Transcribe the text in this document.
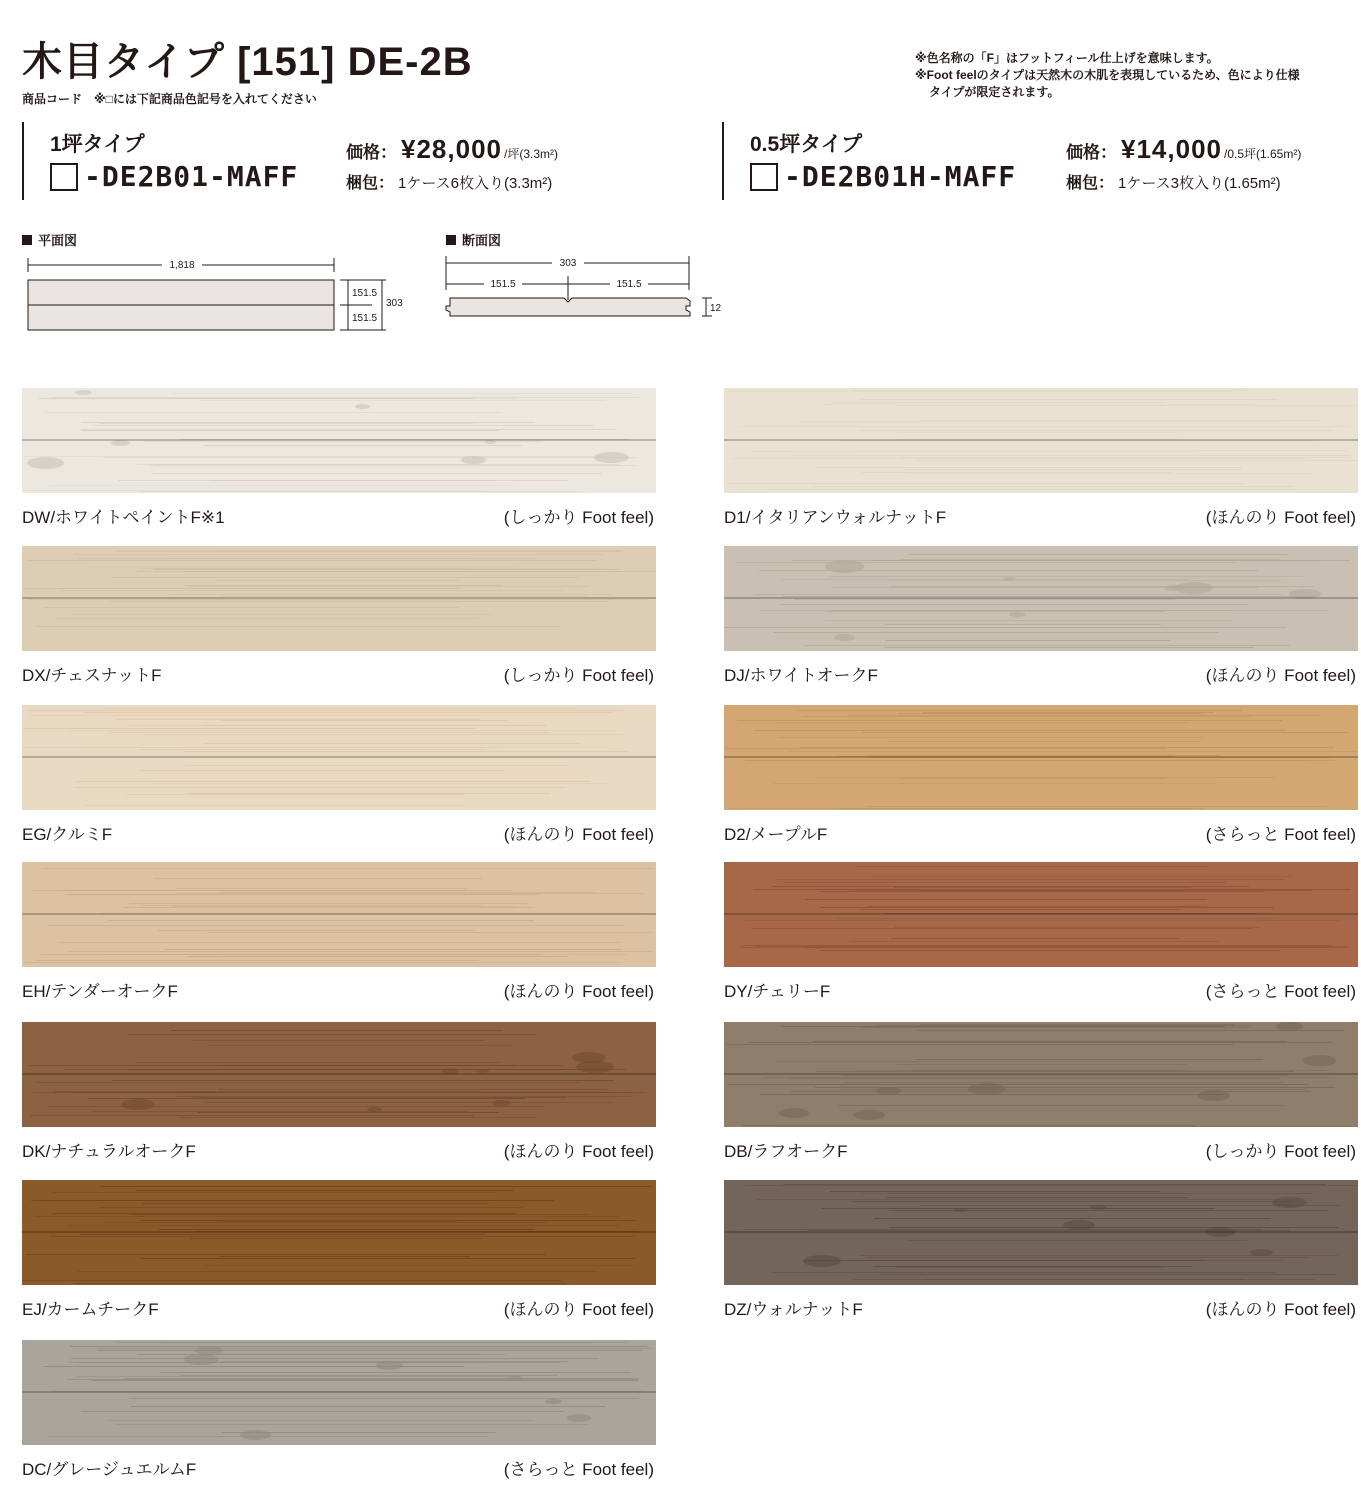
木目タイプ [151] DE-2B
商品コード　※□には下記商品色記号を入れてください
※色名称の「F」はフットフィール仕上げを意味します。
※Foot feelのタイプは天然木の木肌を表現しているため、色により仕様
タイプが限定されます。
1坪タイプ
-DE2B01-MAFF
価格： ¥28,000 /坪(3.3m²)
梱包： 1ケース6枚入り(3.3m²)
0.5坪タイプ
-DE2B01H-MAFF
価格： ¥14,000 /0.5坪(1.65m²)
梱包： 1ケース3枚入り(1.65m²)
平面図	断面図
1,818
151.5
151.5
303
303
151.5	151.5
12
DW/ホワイトペイントF※1	(しっかり Foot feel)	D1/イタリアンウォルナットF	(ほんのり Foot feel)
DX/チェスナットF	(しっかり Foot feel)	DJ/ホワイトオークF	(ほんのり Foot feel)
EG/クルミF	(ほんのり Foot feel)	D2/メープルF	(さらっと Foot feel)
EH/テンダーオークF	(ほんのり Foot feel)	DY/チェリーF	(さらっと Foot feel)
DK/ナチュラルオークF	(ほんのり Foot feel)	DB/ラフオークF	(しっかり Foot feel)
EJ/カームチークF	(ほんのり Foot feel)	DZ/ウォルナットF	(ほんのり Foot feel)
DC/グレージュエルムF	(さらっと Foot feel)
